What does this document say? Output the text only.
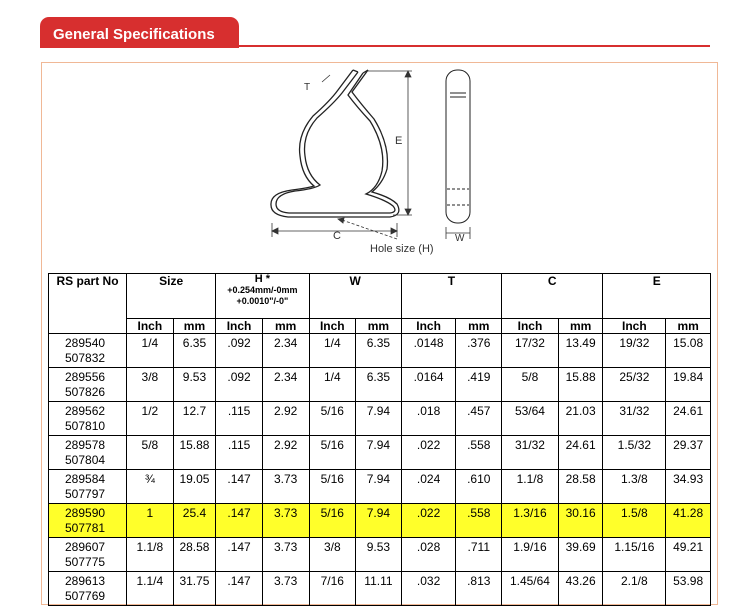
General Specifications
T
E
C
Hole size (H)
W
RS part No	Size		H *
+0.254mm/-0mm
+0.0010"/-0"		W		T		C		E	
	Inch	mm	Inch	mm	Inch	mm	Inch	mm	Inch	mm	Inch	mm

289540
507832	1/4	6.35	.092	2.34	1/4	6.35	.0148	.376	17/32	13.49	19/32	15.08

289556
507826	3/8	9.53	.092	2.34	1/4	6.35	.0164	.419	5/8	15.88	25/32	19.84

289562
507810	1/2	12.7	.115	2.92	5/16	7.94	.018	.457	53/64	21.03	31/32	24.61

289578
507804	5/8	15.88	.115	2.92	5/16	7.94	.022	.558	31/32	24.61	1.5/32	29.37

289584
507797	¾	19.05	.147	3.73	5/16	7.94	.024	.610	1.1/8	28.58	1.3/8	34.93

289590
507781	1	25.4	.147	3.73	5/16	7.94	.022	.558	1.3/16	30.16	1.5/8	41.28

289607
507775	1.1/8	28.58	.147	3.73	3/8	9.53	.028	.711	1.9/16	39.69	1.15/16	49.21

289613
507769	1.1/4	31.75	.147	3.73	7/16	11.11	.032	.813	1.45/64	43.26	2.1/8	53.98
